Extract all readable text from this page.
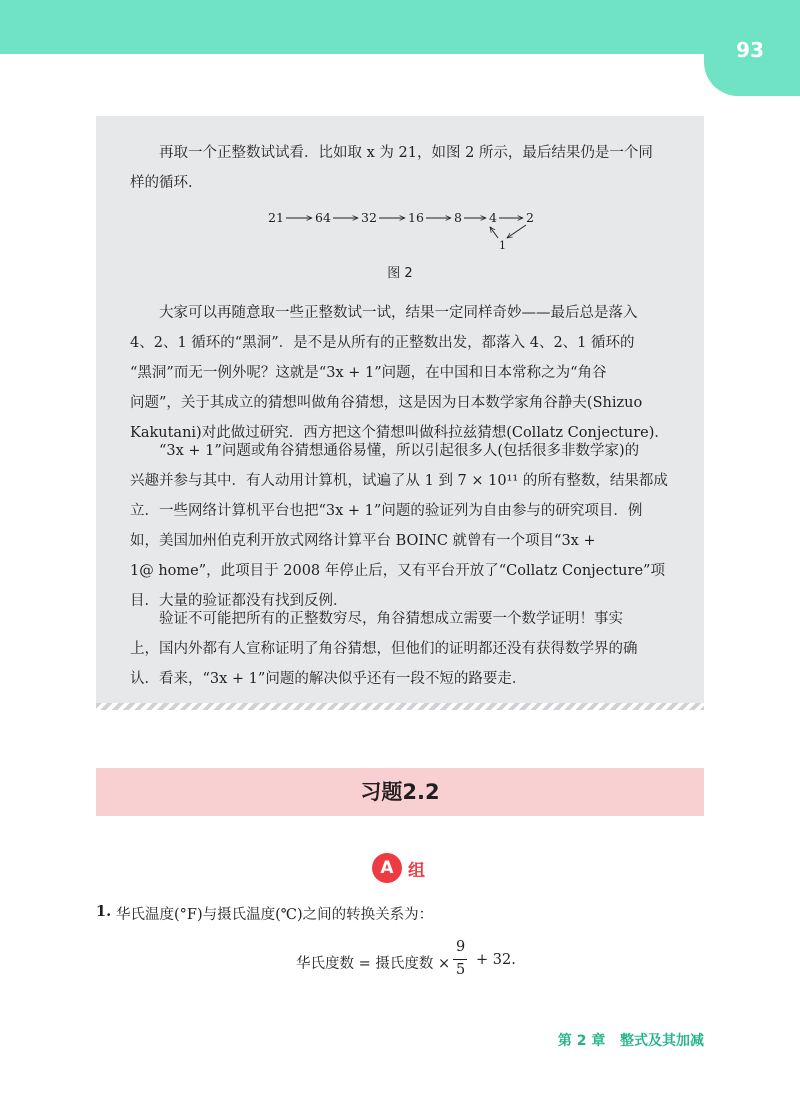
93
再取一个正整数试试看．比如取 x 为 21，如图 2 所示，最后结果仍是一个同
样的循环．
21 64 32 16 8 4 2
1
图 2
大家可以再随意取一些正整数试一试，结果一定同样奇妙——最后总是落入
4、2、1 循环的“黑洞”．是不是从所有的正整数出发，都落入 4、2、1 循环的
“黑洞”而无一例外呢？这就是“3x + 1”问题，在中国和日本常称之为“角谷
问题”，关于其成立的猜想叫做角谷猜想，这是因为日本数学家角谷静夫(Shizuo
Kakutani)对此做过研究．西方把这个猜想叫做科拉兹猜想(Collatz Conjecture)．
“3x + 1”问题或角谷猜想通俗易懂，所以引起很多人(包括很多非数学家)的
兴趣并参与其中．有人动用计算机，试遍了从 1 到 7 × 10¹¹ 的所有整数，结果都成
立．一些网络计算机平台也把“3x + 1”问题的验证列为自由参与的研究项目．例
如，美国加州伯克利开放式网络计算平台 BOINC 就曾有一个项目“3x +
1@ home”，此项目于 2008 年停止后，又有平台开放了“Collatz Conjecture”项
目．大量的验证都没有找到反例．
验证不可能把所有的正整数穷尽，角谷猜想成立需要一个数学证明！事实
上，国内外都有人宣称证明了角谷猜想，但他们的证明都还没有获得数学界的确
认．看来，“3x + 1”问题的解决似乎还有一段不短的路要走．
习题2.2
A 组
1. 华氏温度(°F)与摄氏温度(℃)之间的转换关系为：
华氏度数 = 摄氏度数 ×
9
5
+ 32.
第 2 章 整式及其加减
